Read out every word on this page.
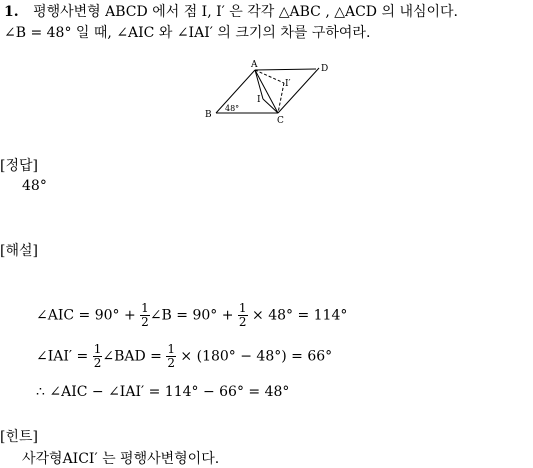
1. 평행사변형 ABCD 에서 점 I, I′ 은 각각 △ABC , △ACD 의 내심이다.
∠B = 48° 일 때, ∠AIC 와 ∠IAI′ 의 크기의 차를 구하여라.
A
B
C
D
I
I′
48°
[정답]
48°
[해설]
∠AIC = $90^\circ + \frac{1}{2}$ ∠B = $90^\circ + \frac{1}{2} \times 48^\circ = 114^\circ$
∠IAI′ = $\frac{1}{2}$ ∠BAD = $\frac{1}{2} \times (180^\circ - 48^\circ) = 66^\circ$
∴ ∠AIC − ∠IAI′ = 114° − 66° = 48°
[힌트]
사각형AICI′ 는 평행사변형이다.
